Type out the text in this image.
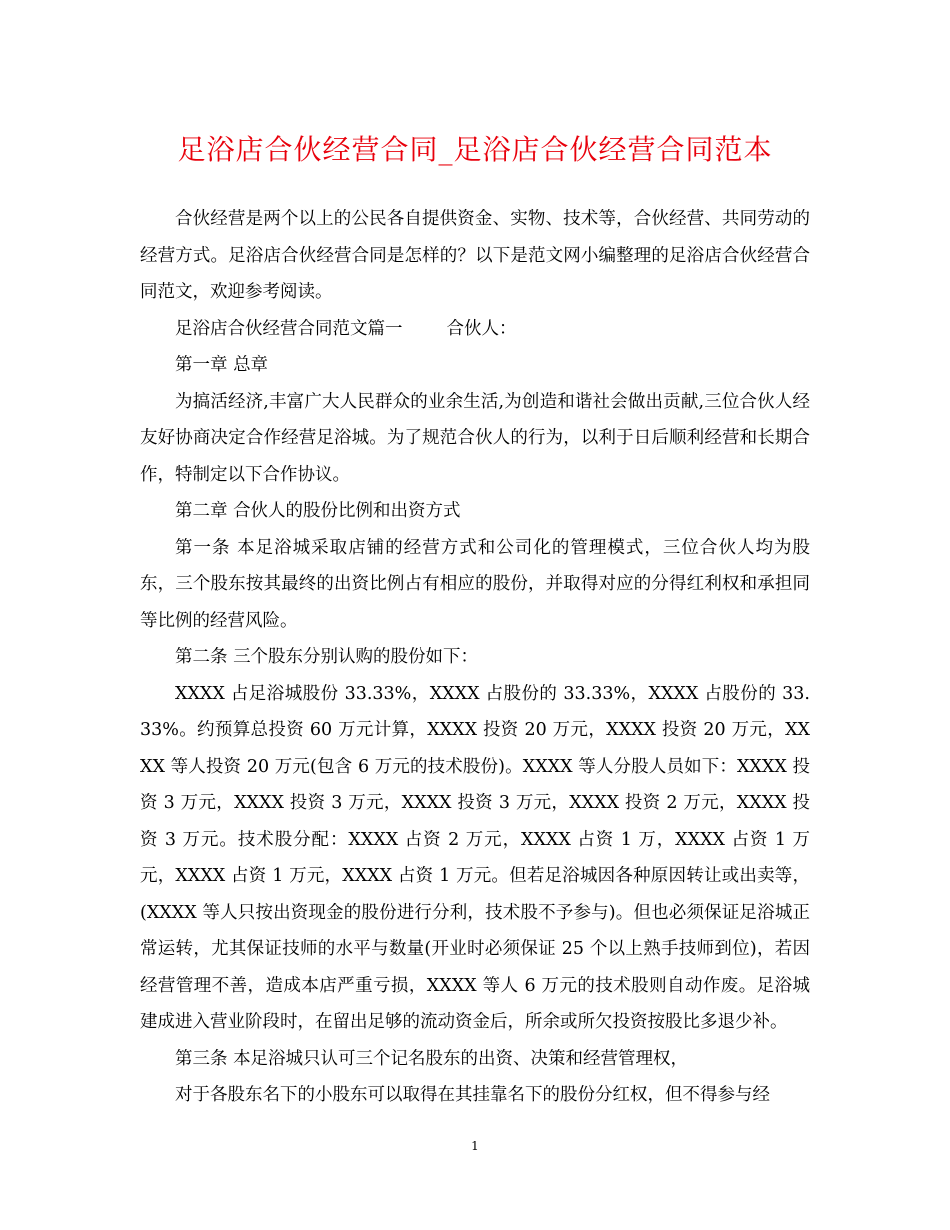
足浴店合伙经营合同_足浴店合伙经营合同范本

合伙经营是两个以上的公民各自提供资金、实物、技术等，合伙经营、共同劳动的经营方式。足浴店合伙经营合同是怎样的？以下是范文网小编整理的足浴店合伙经营合同范文，欢迎参考阅读。

足浴店合伙经营合同范文篇一	合伙人：

第一章 总章

为搞活经济,丰富广大人民群众的业余生活,为创造和谐社会做出贡献,三位合伙人经友好协商决定合作经营足浴城。为了规范合伙人的行为，以利于日后顺利经营和长期合作，特制定以下合作协议。

第二章 合伙人的股份比例和出资方式

第一条 本足浴城采取店铺的经营方式和公司化的管理模式，三位合伙人均为股东，三个股东按其最终的出资比例占有相应的股份，并取得对应的分得红利权和承担同等比例的经营风险。

第二条 三个股东分别认购的股份如下：

XXXX 占足浴城股份 33.33%，XXXX 占股份的 33.33%，XXXX 占股份的 33.33%。约预算总投资 60 万元计算，XXXX 投资 20 万元，XXXX 投资 20 万元，XXXX 等人投资 20 万元(包含 6 万元的技术股份)。XXXX 等人分股人员如下：XXXX 投资 3 万元，XXXX 投资 3 万元，XXXX 投资 3 万元，XXXX 投资 2 万元，XXXX 投资 3 万元。技术股分配：XXXX 占资 2 万元，XXXX 占资 1 万，XXXX 占资 1 万元，XXXX 占资 1 万元，XXXX 占资 1 万元。但若足浴城因各种原因转让或出卖等，(XXXX 等人只按出资现金的股份进行分利，技术股不予参与)。但也必须保证足浴城正常运转，尤其保证技师的水平与数量(开业时必须保证 25 个以上熟手技师到位)，若因经营管理不善，造成本店严重亏损，XXXX 等人 6 万元的技术股则自动作废。足浴城建成进入营业阶段时，在留出足够的流动资金后，所余或所欠投资按股比多退少补。

第三条 本足浴城只认可三个记名股东的出资、决策和经营管理权，

对于各股东名下的小股东可以取得在其挂靠名下的股份分红权，但不得参与经

1
